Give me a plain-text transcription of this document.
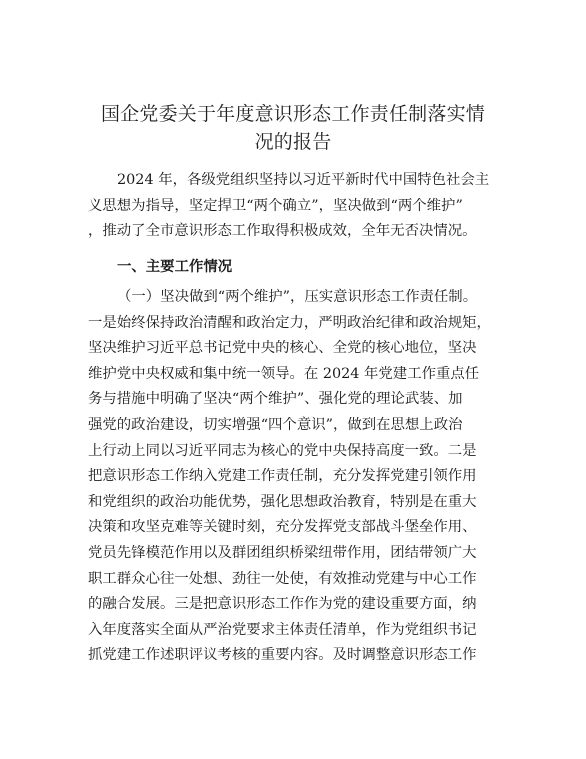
国企党委关于年度意识形态工作责任制落实情
况的报告
2024 年，各级党组织坚持以习近平新时代中国特色社会主
义思想为指导，坚定捍卫“两个确立”，坚决做到“两个维护”
，推动了全市意识形态工作取得积极成效，全年无否决情况。
一、主要工作情况
（一）坚决做到“两个维护”，压实意识形态工作责任制。
一是始终保持政治清醒和政治定力，严明政治纪律和政治规矩，
坚决维护习近平总书记党中央的核心、全党的核心地位，坚决
维护党中央权威和集中统一领导。在 2024 年党建工作重点任
务与措施中明确了坚决“两个维护”、强化党的理论武装、加
强党的政治建设，切实增强“四个意识”，做到在思想上政治
上行动上同以习近平同志为核心的党中央保持高度一致。二是
把意识形态工作纳入党建工作责任制，充分发挥党建引领作用
和党组织的政治功能优势，强化思想政治教育，特别是在重大
决策和攻坚克难等关键时刻，充分发挥党支部战斗堡垒作用、
党员先锋模范作用以及群团组织桥梁纽带作用，团结带领广大
职工群众心往一处想、劲往一处使，有效推动党建与中心工作
的融合发展。三是把意识形态工作作为党的建设重要方面，纳
入年度落实全面从严治党要求主体责任清单，作为党组织书记
抓党建工作述职评议考核的重要内容。及时调整意识形态工作
